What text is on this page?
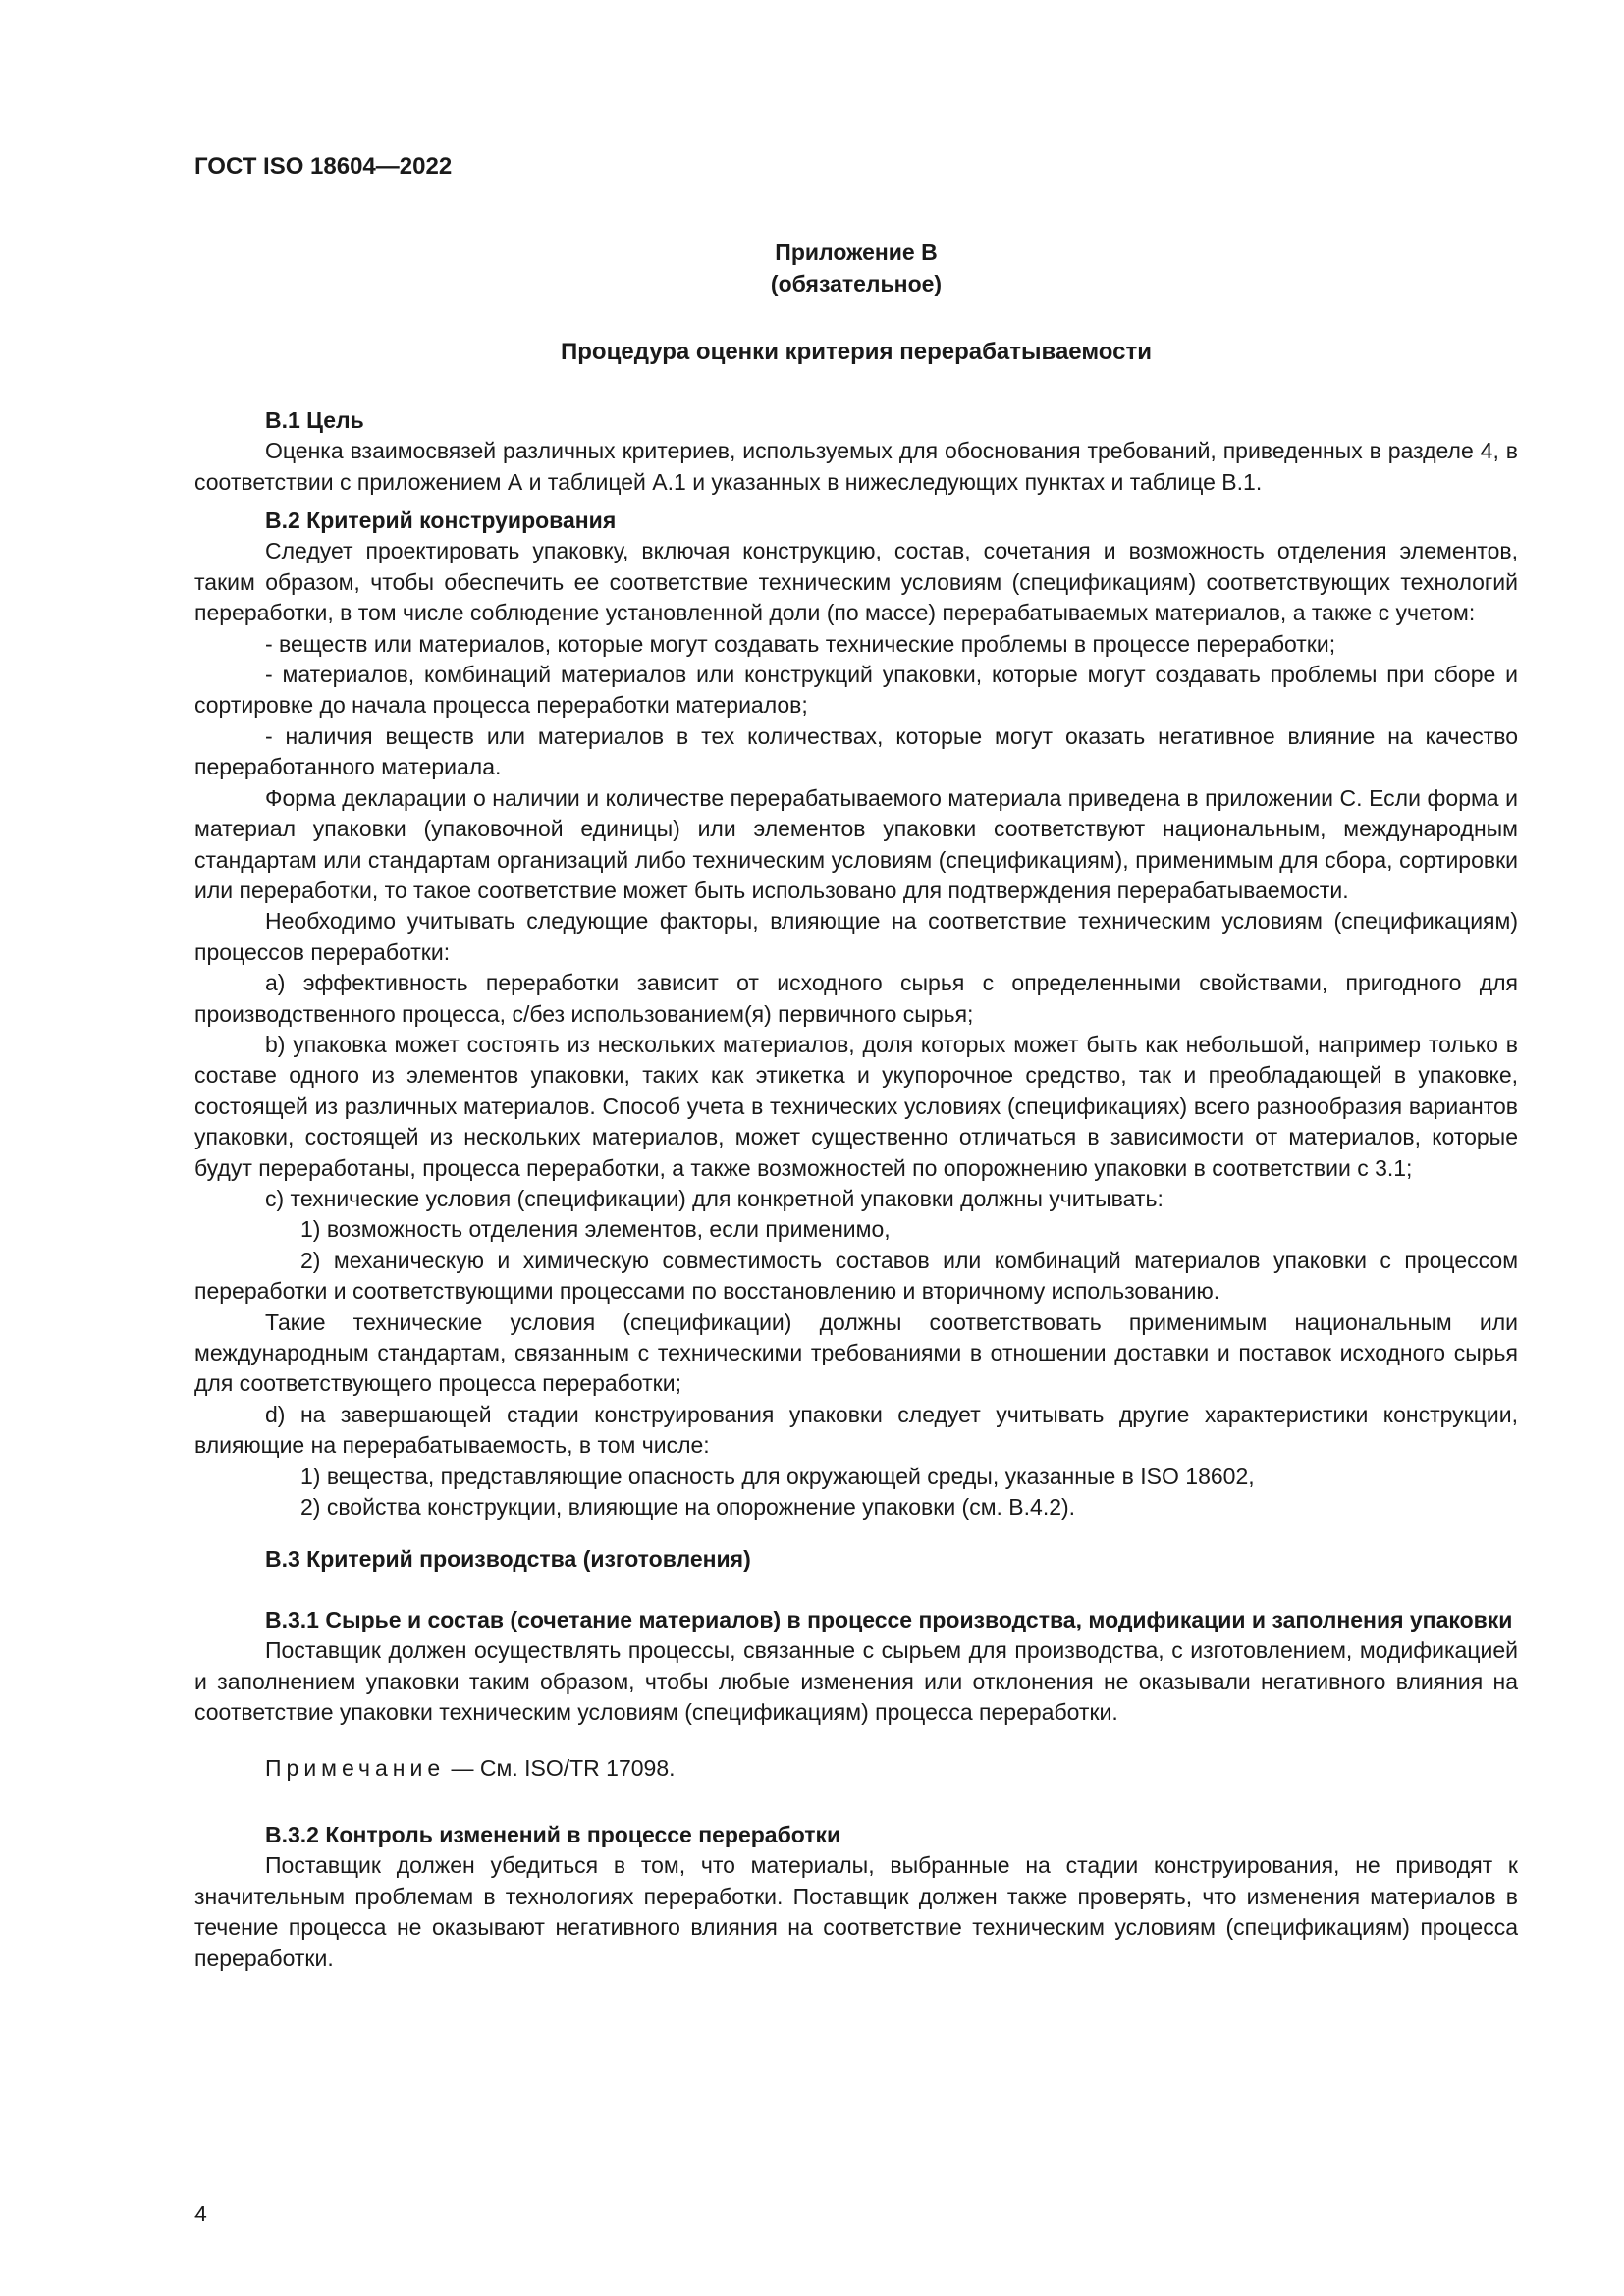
ГОСТ ISO 18604—2022
Приложение В
(обязательное)
Процедура оценки критерия перерабатываемости

В.1 Цель

Оценка взаимосвязей различных критериев, используемых для обоснования требований, приведенных в разделе 4, в соответствии с приложением А и таблицей А.1 и указанных в нижеследующих пунктах и таблице В.1.

В.2 Критерий конструирования

Следует проектировать упаковку, включая конструкцию, состав, сочетания и возможность отделения элементов, таким образом, чтобы обеспечить ее соответствие техническим условиям (спецификациям) соответствующих технологий переработки, в том числе соблюдение установленной доли (по массе) перерабатываемых материалов, а также с учетом:

- веществ или материалов, которые могут создавать технические проблемы в процессе переработки;

- материалов, комбинаций материалов или конструкций упаковки, которые могут создавать проблемы при сборе и сортировке до начала процесса переработки материалов;

- наличия веществ или материалов в тех количествах, которые могут оказать негативное влияние на качество переработанного материала.

Форма декларации о наличии и количестве перерабатываемого материала приведена в приложении С. Если форма и материал упаковки (упаковочной единицы) или элементов упаковки соответствуют национальным, международным стандартам или стандартам организаций либо техническим условиям (спецификациям), применимым для сбора, сортировки или переработки, то такое соответствие может быть использовано для подтверждения перерабатываемости.

Необходимо учитывать следующие факторы, влияющие на соответствие техническим условиям (спецификациям) процессов переработки:

a) эффективность переработки зависит от исходного сырья с определенными свойствами, пригодного для производственного процесса, с/без использованием(я) первичного сырья;

b) упаковка может состоять из нескольких материалов, доля которых может быть как небольшой, например только в составе одного из элементов упаковки, таких как этикетка и укупорочное средство, так и преобладающей в упаковке, состоящей из различных материалов. Способ учета в технических условиях (спецификациях) всего разнообразия вариантов упаковки, состоящей из нескольких материалов, может существенно отличаться в зависимости от материалов, которые будут переработаны, процесса переработки, а также возможностей по опорожнению упаковки в соответствии с 3.1;

c) технические условия (спецификации) для конкретной упаковки должны учитывать:

1) возможность отделения элементов, если применимо,

2) механическую и химическую совместимость составов или комбинаций материалов упаковки с процессом переработки и соответствующими процессами по восстановлению и вторичному использованию.

Такие технические условия (спецификации) должны соответствовать применимым национальным или международным стандартам, связанным с техническими требованиями в отношении доставки и поставок исходного сырья для соответствующего процесса переработки;

d) на завершающей стадии конструирования упаковки следует учитывать другие характеристики конструкции, влияющие на перерабатываемость, в том числе:

1) вещества, представляющие опасность для окружающей среды, указанные в ISO 18602,

2) свойства конструкции, влияющие на опорожнение упаковки (см. В.4.2).

В.3 Критерий производства (изготовления)

В.3.1 Сырье и состав (сочетание материалов) в процессе производства, модификации и заполнения упаковки

Поставщик должен осуществлять процессы, связанные с сырьем для производства, с изготовлением, модификацией и заполнением упаковки таким образом, чтобы любые изменения или отклонения не оказывали негативного влияния на соответствие упаковки техническим условиям (спецификациям) процесса переработки.

Примечание — См. ISO/TR 17098.

В.3.2 Контроль изменений в процессе переработки

Поставщик должен убедиться в том, что материалы, выбранные на стадии конструирования, не приводят к значительным проблемам в технологиях переработки. Поставщик должен также проверять, что изменения материалов в течение процесса не оказывают негативного влияния на соответствие техническим условиям (спецификациям) процесса переработки.

4
